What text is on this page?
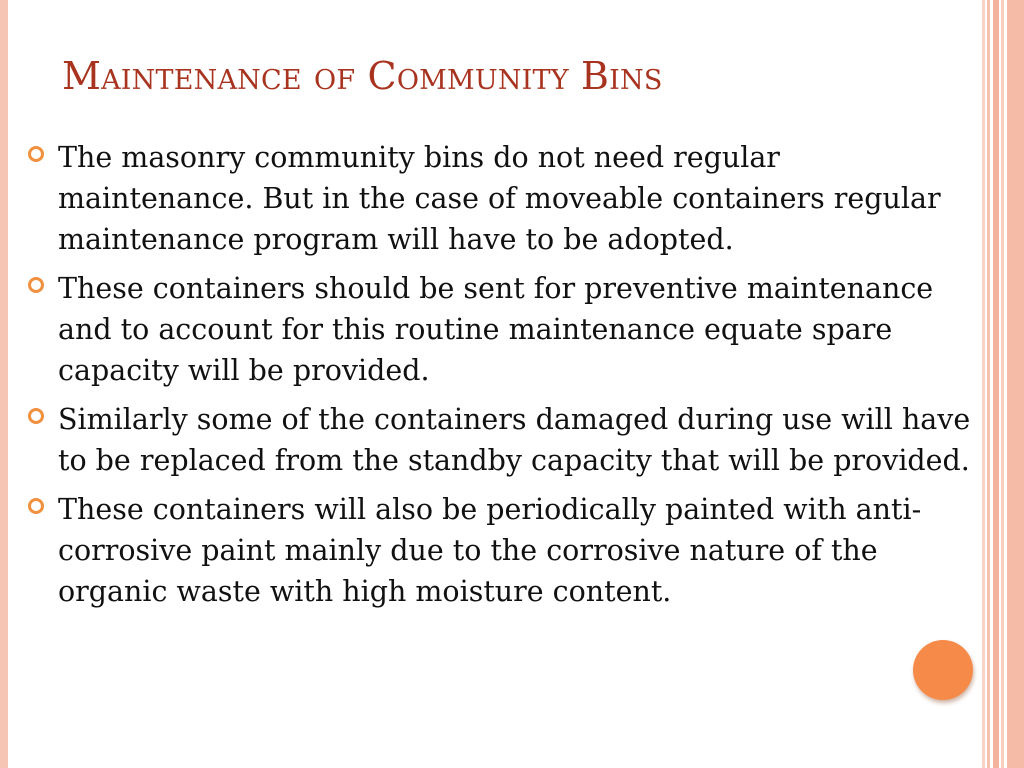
Maintenance of Community Bins
The masonry community bins do not need regular maintenance. But in the case of moveable containers regular maintenance program will have to be adopted.
These containers should be sent for preventive maintenance and to account for this routine maintenance equate spare capacity will be provided.
Similarly some of the containers damaged during use will have to be replaced from the standby capacity that will be provided.
These containers will also be periodically painted with anti-corrosive paint mainly due to the corrosive nature of the organic waste with high moisture content.
